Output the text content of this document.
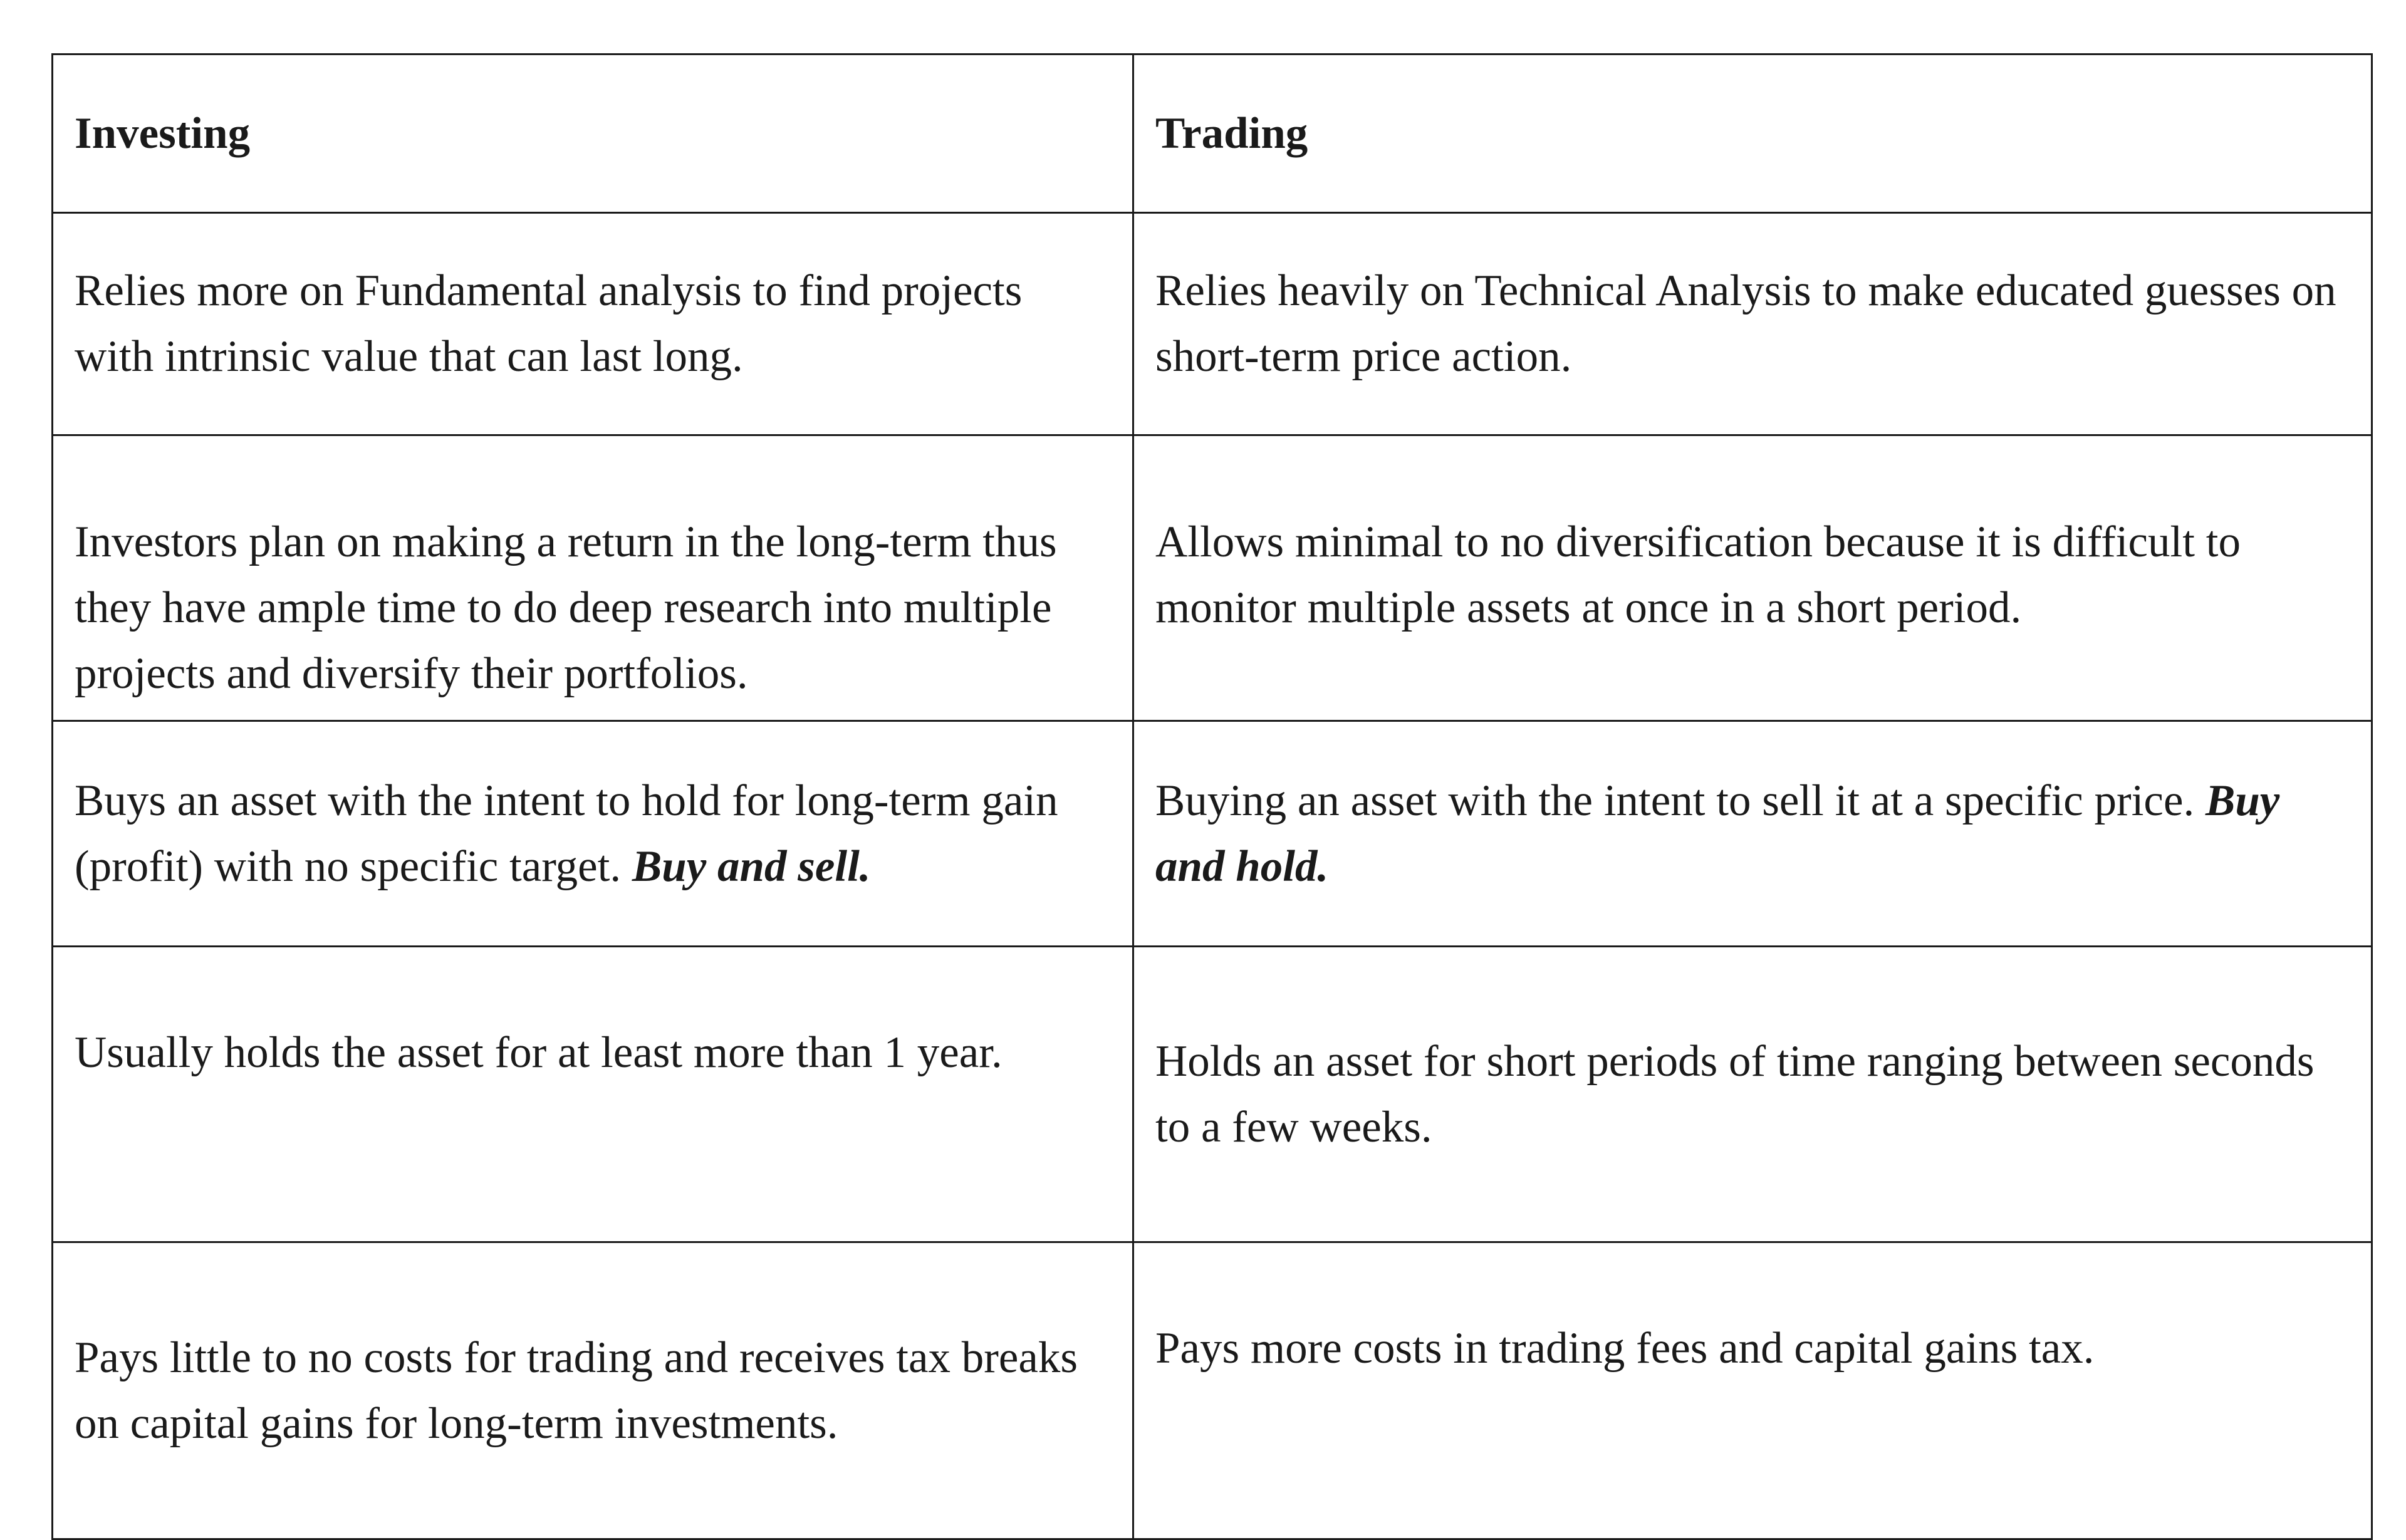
Investing	Trading
Relies more on Fundamental analysis to find projects with intrinsic value that can last long.	Relies heavily on Technical Analysis to make educated guesses on short-term price action.
Investors plan on making a return in the long-term thus they have ample time to do deep research into multiple projects and diversify their portfolios.	Allows minimal to no diversification because it is difficult to monitor multiple assets at once in a short period.
Buys an asset with the intent to hold for long-term gain (profit) with no specific target. Buy and sell.	Buying an asset with the intent to sell it at a specific price. Buy and hold.
Usually holds the asset for at least more than 1 year.	Holds an asset for short periods of time ranging between seconds to a few weeks.
Pays little to no costs for trading and receives tax breaks on capital gains for long-term investments.	Pays more costs in trading fees and capital gains tax.
